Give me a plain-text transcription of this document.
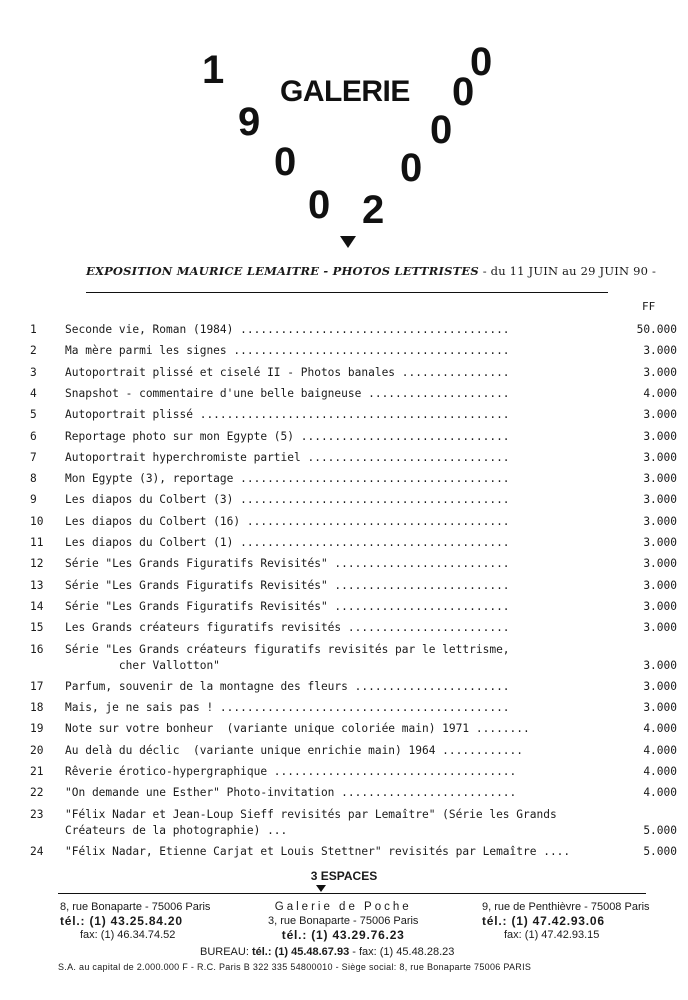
1
9
0
0 2
0
0
0
0
GALERIE
EXPOSITION MAURICE LEMAITRE - PHOTOS LETTRISTES - du 11 JUIN au 29 JUIN 90 -
FF
1	Seconde vie, Roman (1984) ........................................	50.000
2	Ma mère parmi les signes .........................................	3.000
3	Autoportrait plissé et ciselé II - Photos banales ................	3.000
4	Snapshot - commentaire d'une belle baigneuse .....................	4.000
5	Autoportrait plissé ..............................................	3.000
6	Reportage photo sur mon Egypte (5) ...............................	3.000
7	Autoportrait hyperchromiste partiel ..............................	3.000
8	Mon Egypte (3), reportage ........................................	3.000
9	Les diapos du Colbert (3) ........................................	3.000
10	Les diapos du Colbert (16) .......................................	3.000
11	Les diapos du Colbert (1) ........................................	3.000
12	Série "Les Grands Figuratifs Revisités" ..........................	3.000
13	Série "Les Grands Figuratifs Revisités" ..........................	3.000
14	Série "Les Grands Figuratifs Revisités" ..........................	3.000
15	Les Grands créateurs figuratifs revisités ........................	3.000
16	Série "Les Grands créateurs figuratifs revisités par le lettrisme,
cher Vallotton"	3.000
17	Parfum, souvenir de la montagne des fleurs .......................	3.000
18	Mais, je ne sais pas ! ...........................................	3.000
19	Note sur votre bonheur  (variante unique coloriée main) 1971 ........	4.000
20	Au delà du déclic  (variante unique enrichie main) 1964 ............	4.000
21	Rêverie érotico-hypergraphique ....................................	4.000
22	"On demande une Esther" Photo-invitation ..........................	4.000
23	"Félix Nadar et Jean-Loup Sieff revisités par Lemaître" (Série les Grands
Créateurs de la photographie) ...	5.000
24	"Félix Nadar, Etienne Carjat et Louis Stettner" revisités par Lemaître ....	5.000
3 ESPACES
8, rue Bonaparte - 75006 Paris
tél.: (1) 43.25.84.20
fax: (1) 46.34.74.52
Galerie de Poche
3, rue Bonaparte - 75006 Paris
tél.: (1) 43.29.76.23
9, rue de Penthièvre - 75008 Paris
tél.: (1) 47.42.93.06
fax: (1) 47.42.93.15
BUREAU: tél.: (1) 45.48.67.93 - fax: (1) 45.48.28.23
S.A. au capital de 2.000.000 F - R.C. Paris B 322 335 54800010 - Siège social: 8, rue Bonaparte 75006 PARIS
